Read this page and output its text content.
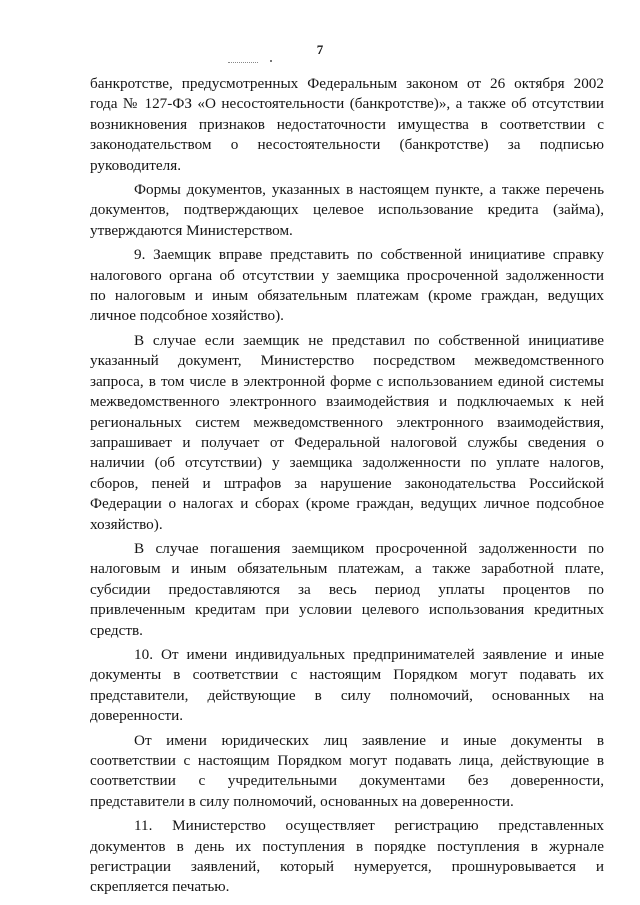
7
банкротстве, предусмотренных Федеральным законом от 26 октября 2002
года № 127-ФЗ «О несостоятельности (банкротстве)», а также об отсутствии
возникновения признаков недостаточности имущества в соответствии с
законодательством о несостоятельности (банкротстве) за подписью
руководителя.
Формы документов, указанных в настоящем пункте, а также перечень
документов, подтверждающих целевое использование кредита (займа),
утверждаются Министерством.
9. Заемщик вправе представить по собственной инициативе справку
налогового органа об отсутствии у заемщика просроченной задолженности
по налоговым и иным обязательным платежам (кроме граждан, ведущих
личное подсобное хозяйство).
В случае если заемщик не представил по собственной инициативе
указанный документ, Министерство посредством межведомственного
запроса, в том числе в электронной форме с использованием единой системы
межведомственного электронного взаимодействия и подключаемых к ней
региональных систем межведомственного электронного взаимодействия,
запрашивает и получает от Федеральной налоговой службы сведения о
наличии (об отсутствии) у заемщика задолженности по уплате налогов,
сборов, пеней и штрафов за нарушение законодательства Российской
Федерации о налогах и сборах (кроме граждан, ведущих личное подсобное
хозяйство).
В случае погашения заемщиком просроченной задолженности по
налоговым и иным обязательным платежам, а также заработной плате,
субсидии предоставляются за весь период уплаты процентов по
привлеченным кредитам при условии целевого использования кредитных
средств.
10. От имени индивидуальных предпринимателей заявление и иные
документы в соответствии с настоящим Порядком могут подавать их
представители, действующие в силу полномочий, основанных на
доверенности.
От имени юридических лиц заявление и иные документы в
соответствии с настоящим Порядком могут подавать лица, действующие в
соответствии с учредительными документами без доверенности,
представители в силу полномочий, основанных на доверенности.
11. Министерство осуществляет регистрацию представленных
документов в день их поступления в порядке поступления в журнале
регистрации заявлений, который нумеруется, прошнуровывается и
скрепляется печатью.
